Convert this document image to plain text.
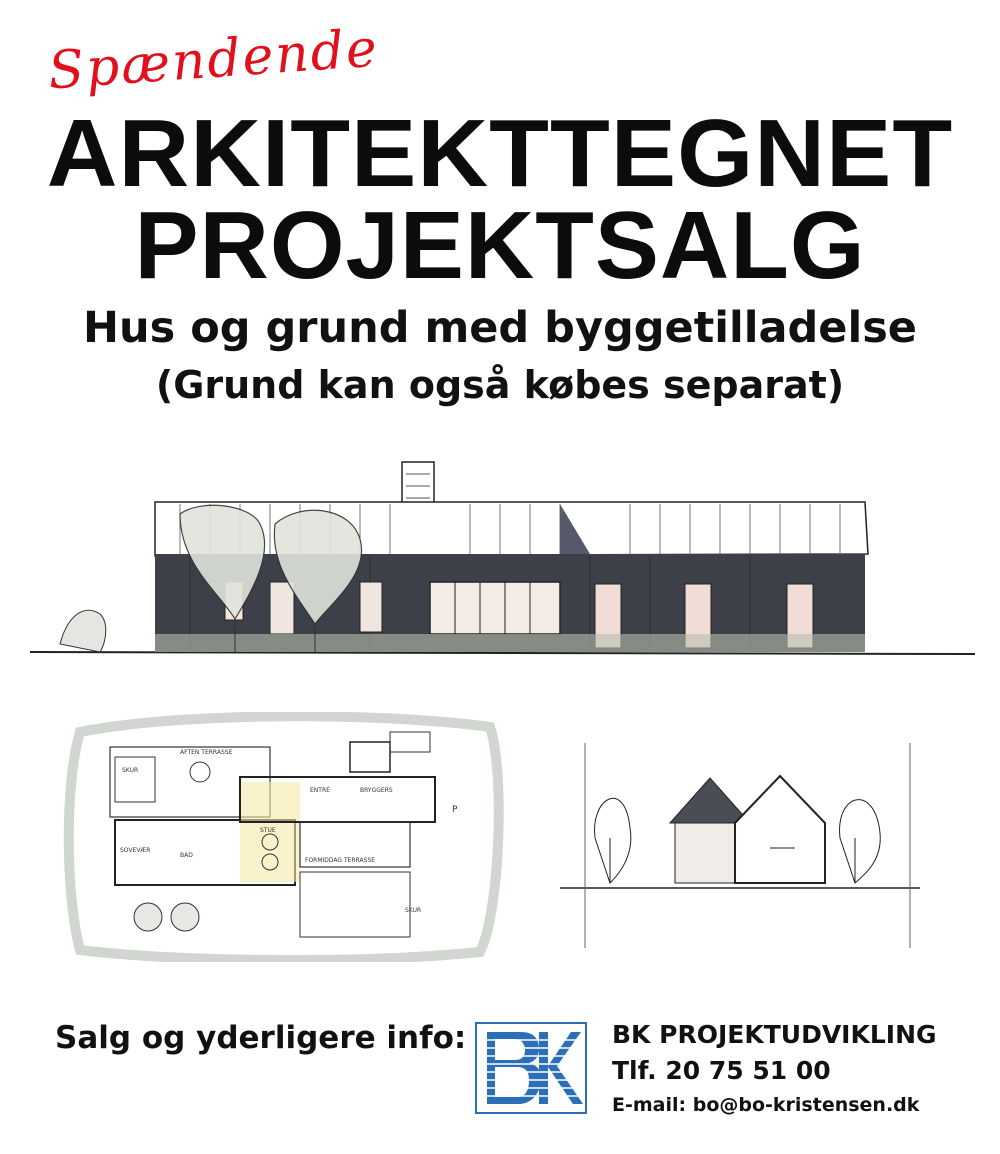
Spændende
ARKITEKTTEGNET
PROJEKTSALG
Hus og grund med byggetilladelse
(Grund kan også købes separat)
AFTEN TERRASSE
SKUR
ENTRÉ	BRYGGERS
STUE
BAD
SOVEVÆR
FORMIDDAG TERRASSE
SKUR
P
Salg og yderligere info:	BK PROJEKTUDVIKLING
Tlf. 20 75 51 00
E-mail: bo@bo-kristensen.dk
